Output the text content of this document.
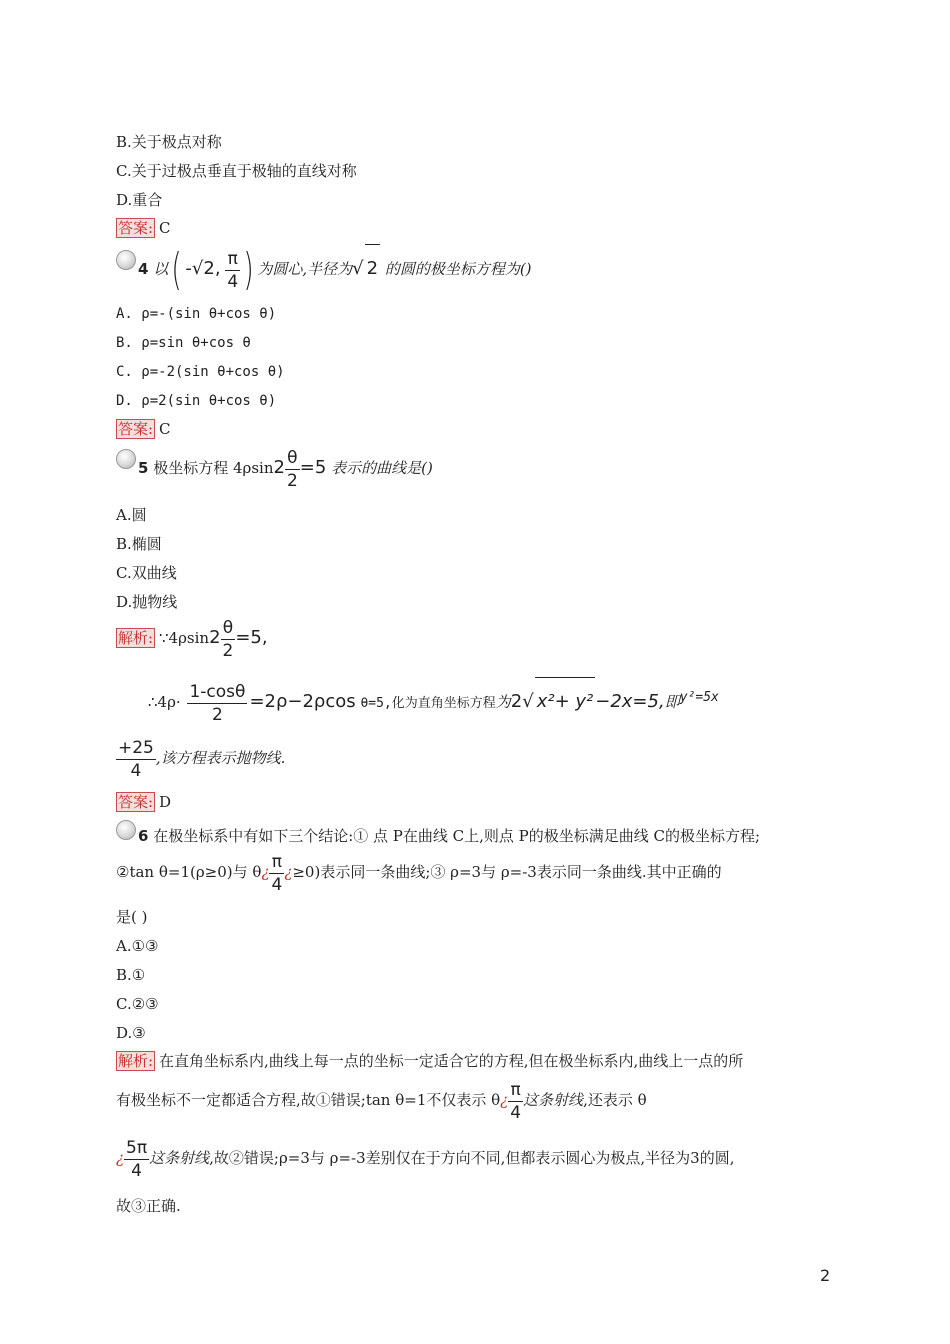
B.关于极点对称
C.关于过极点垂直于极轴的直线对称
D.重合
答案: C
4 以( -√2, $\frac{\pi}{4}$ ) 为圆心,半径为√ 2 的圆的极坐标方程为()
A. ρ=-(sin θ+cos θ)
B. ρ=sin θ+cos θ
C. ρ=-2(sin θ+cos θ)
D. ρ=2(sin θ+cos θ)
答案: C
5 极坐标方程 $4\rho\sin 2 \frac{\theta}{2} =5$ 表示的曲线是()
A.圆
B.椭圆
C.双曲线
D.抛物线
解析: ∵4ρsin2 $\frac{\theta}{2} =5$,
∴4ρ· $\frac{1-\cos\theta}{2} =2\rho-2\rho\cos$ θ=5,化为直角坐标方程为2√ x²+ y² −2x=5,即y²=5x
$\frac{+25}{4}$ ,该方程表示抛物线.
答案: D
6 在极坐标系中有如下三个结论:① 点 P在曲线 C上,则点 P的极坐标满足曲线 C的极坐标方程;
②tan θ=1(ρ≥0)与 θ¿ $\frac{\pi}{4}$ ¿≥0)表示同一条曲线;③ ρ=3与 ρ=-3表示同一条曲线.其中正确的
是( )
A.①③
B.①
C.②③
D.③
解析: 在直角坐标系内,曲线上每一点的坐标一定适合它的方程,但在极坐标系内,曲线上一点的所
有极坐标不一定都适合方程,故①错误;tan θ=1不仅表示 θ¿ $\frac{\pi}{4}$ 这条射线,还表示 θ
¿ $\frac{5\pi}{4}$ 这条射线,故②错误;ρ=3与 ρ=-3差别仅在于方向不同,但都表示圆心为极点,半径为3的圆,
故③正确.
2
